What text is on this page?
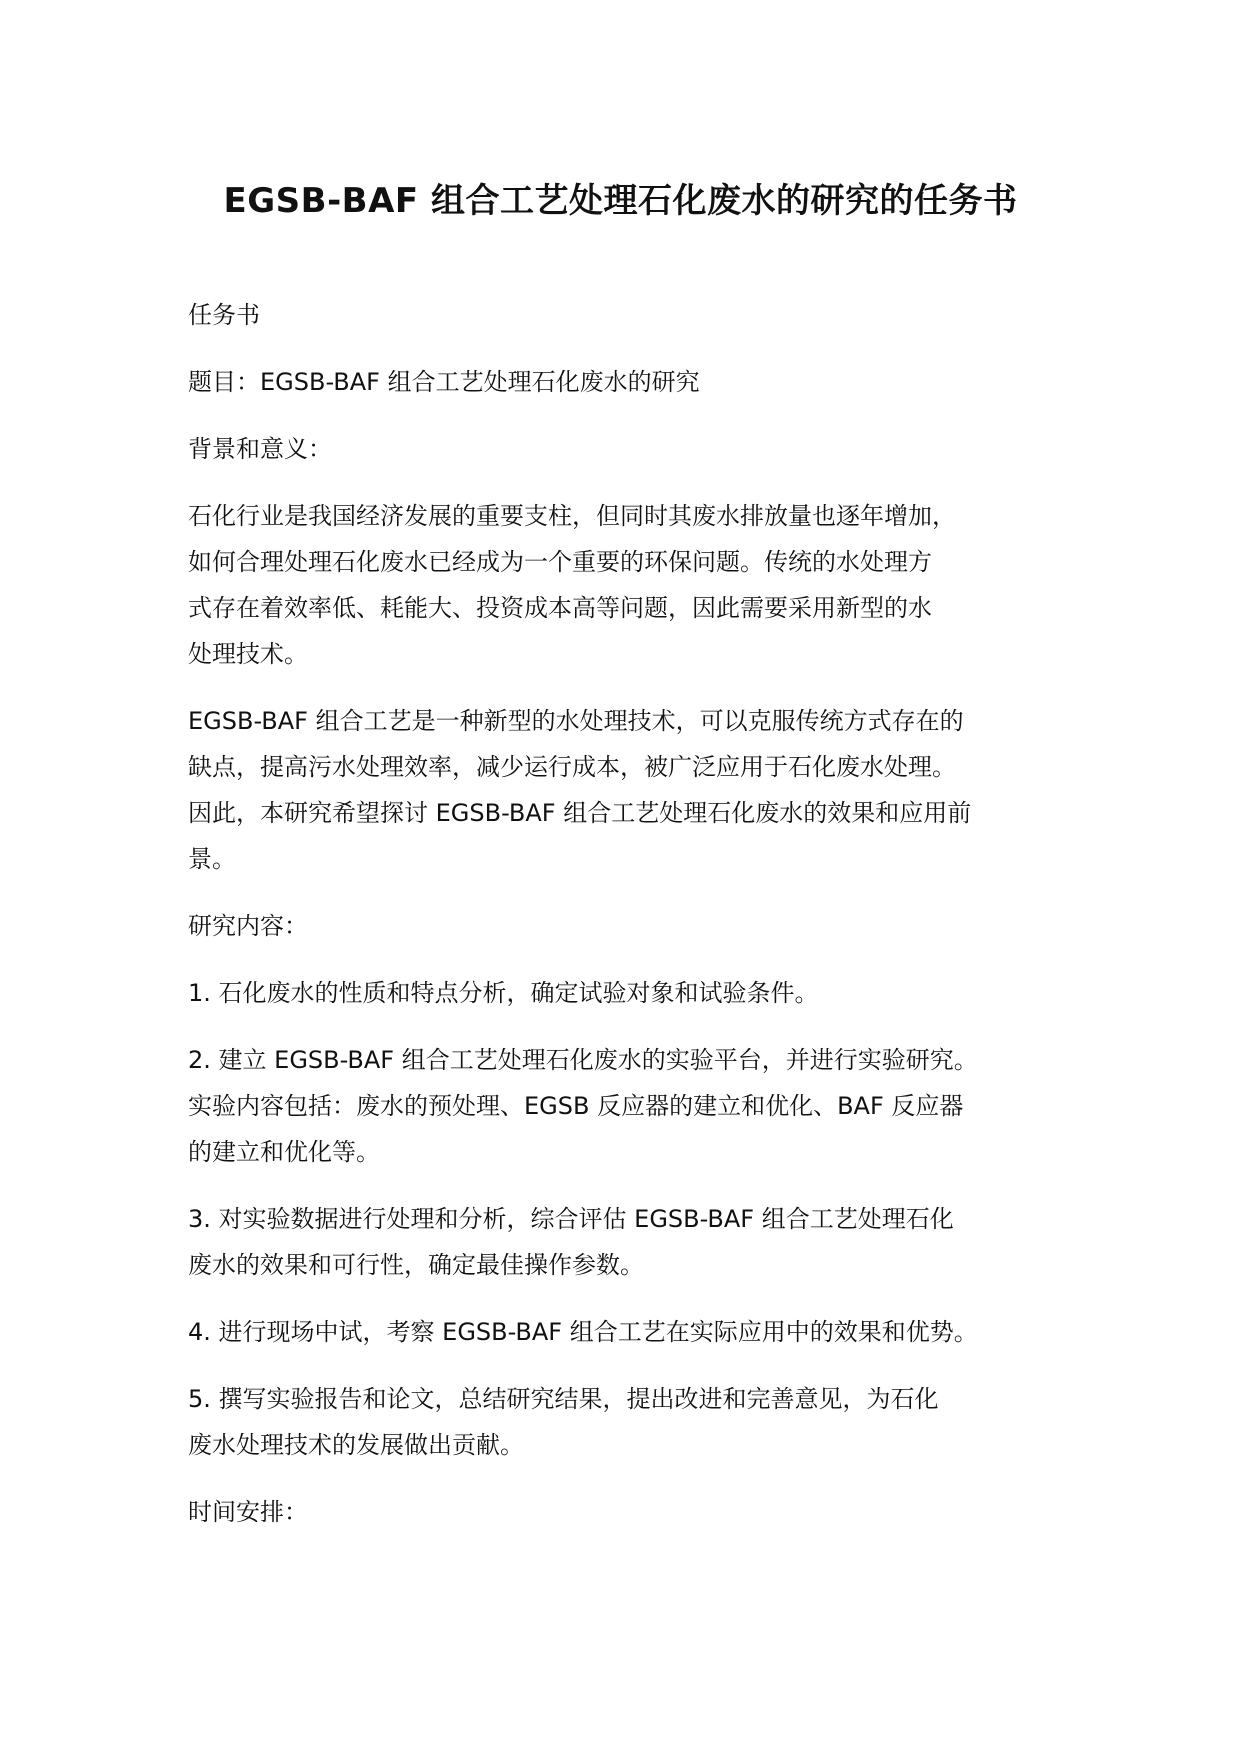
EGSB-BAF 组合工艺处理石化废水的研究的任务书

任务书

题目：EGSB-BAF 组合工艺处理石化废水的研究

背景和意义：

石化行业是我国经济发展的重要支柱，但同时其废水排放量也逐年增加，
如何合理处理石化废水已经成为一个重要的环保问题。传统的水处理方
式存在着效率低、耗能大、投资成本高等问题，因此需要采用新型的水
处理技术。

EGSB-BAF 组合工艺是一种新型的水处理技术，可以克服传统方式存在的
缺点，提高污水处理效率，减少运行成本，被广泛应用于石化废水处理。
因此，本研究希望探讨 EGSB-BAF 组合工艺处理石化废水的效果和应用前
景。

研究内容：

1. 石化废水的性质和特点分析，确定试验对象和试验条件。

2. 建立 EGSB-BAF 组合工艺处理石化废水的实验平台，并进行实验研究。
实验内容包括：废水的预处理、EGSB 反应器的建立和优化、BAF 反应器
的建立和优化等。

3. 对实验数据进行处理和分析，综合评估 EGSB-BAF 组合工艺处理石化
废水的效果和可行性，确定最佳操作参数。

4. 进行现场中试，考察 EGSB-BAF 组合工艺在实际应用中的效果和优势。

5. 撰写实验报告和论文，总结研究结果，提出改进和完善意见，为石化
废水处理技术的发展做出贡献。

时间安排：
